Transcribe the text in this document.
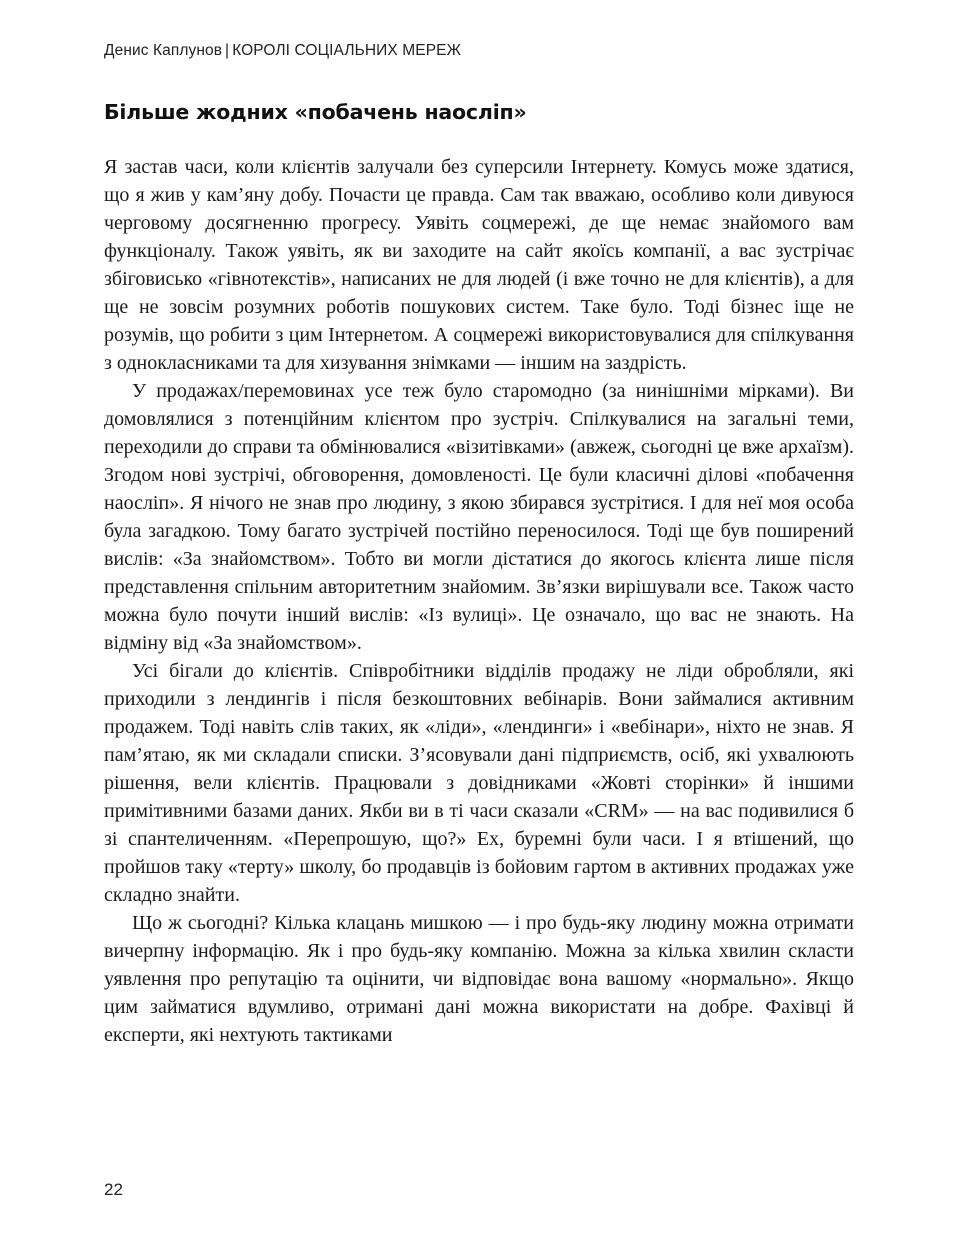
Денис Каплунов | КОРОЛІ СОЦІАЛЬНИХ МЕРЕЖ
Більше жодних «побачень наосліп»

Я застав часи, коли клієнтів залучали без суперсили Інтернету. Комусь може здатися, що я жив у кам’яну добу. Почасти це правда. Сам так вважаю, особливо коли дивуюся черговому досягненню прогресу. Уявіть соцмережі, де ще немає знайомого вам функціоналу. Також уявіть, як ви заходите на сайт якоїсь компанії, а вас зустрічає збіговисько «гівнотекстів», написаних не для людей (і вже точно не для клієнтів), а для ще не зовсім розумних роботів пошукових систем. Таке було. Тоді бізнес іще не розумів, що робити з цим Інтернетом. А соцмережі використовувалися для спілкування з однокласниками та для хизування знімками — іншим на заздрість.

У продажах/перемовинах усе теж було старомодно (за нинішніми мірками). Ви домовлялися з потенційним клієнтом про зустріч. Спілкувалися на загальні теми, переходили до справи та обмінювалися «візитівками» (авжеж, сьогодні це вже архаїзм). Згодом нові зустрічі, обговорення, домовленості. Це були класичні ділові «побачення наосліп». Я нічого не знав про людину, з якою збирався зустрітися. І для неї моя особа була загадкою. Тому багато зустрічей постійно переносилося. Тоді ще був поширений вислів: «За знайомством». Тобто ви могли дістатися до якогось клієнта лише після представлення спільним авторитетним знайомим. Зв’язки вирішували все. Також часто можна було почути інший вислів: «Із вулиці». Це означало, що вас не знають. На відміну від «За знайомством».

Усі бігали до клієнтів. Співробітники відділів продажу не ліди обробляли, які приходили з лендингів і після безкоштовних вебінарів. Вони займалися активним продажем. Тоді навіть слів таких, як «ліди», «лендинги» і «вебінари», ніхто не знав. Я пам’ятаю, як ми складали списки. З’ясовували дані підприємств, осіб, які ухвалюють рішення, вели клієнтів. Працювали з довідниками «Жовті сторінки» й іншими примітивними базами даних. Якби ви в ті часи сказали «CRM» — на вас подивилися б зі спантеличенням. «Перепрошую, що?» Ех, буремні були часи. І я втішений, що пройшов таку «терту» школу, бо продавців із бойовим гартом в активних продажах уже складно знайти.

Що ж сьогодні? Кілька клацань мишкою — і про будь-яку людину можна отримати вичерпну інформацію. Як і про будь-яку компанію. Можна за кілька хвилин скласти уявлення про репутацію та оцінити, чи відповідає вона вашому «нормально». Якщо цим займатися вдумливо, отримані дані можна використати на добре. Фахівці й експерти, які нехтують тактиками

22
